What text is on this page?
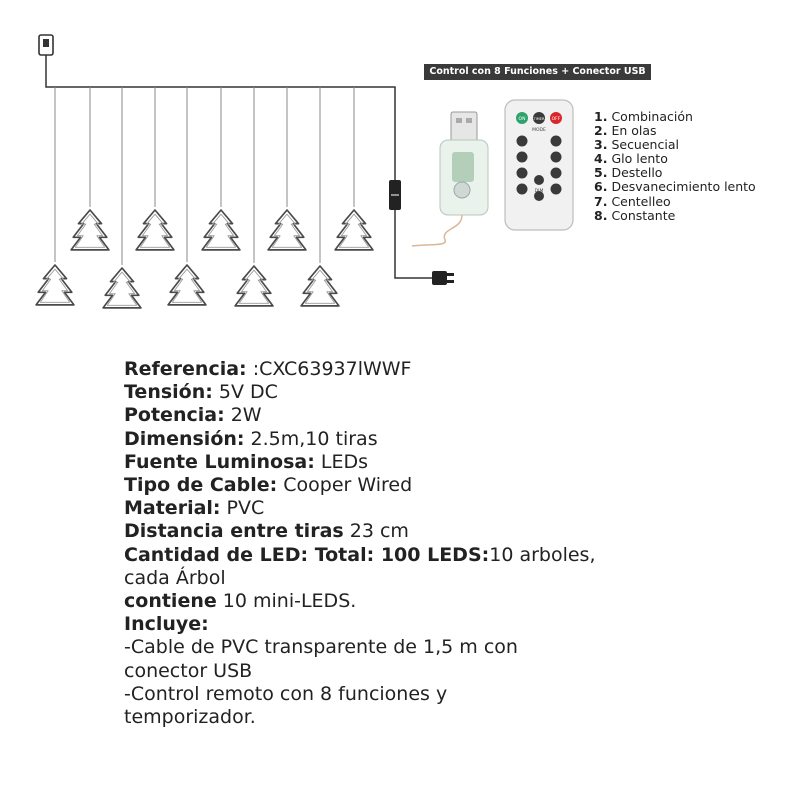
ON TIMER OFF
MODE
DIM
Control con 8 Funciones + Conector USB
1. Combinación
2. En olas
3. Secuencial
4. Glo lento
5. Destello
6. Desvanecimiento lento
7. Centelleo
8. Constante
Referencia: :CXC63937lWWF
Tensión: 5V DC
Potencia: 2W
Dimensión: 2.5m,10 tiras
Fuente Luminosa: LEDs
Tipo de Cable: Cooper Wired
Material: PVC
Distancia entre tiras 23 cm
Cantidad de LED: Total: 100 LEDS:10 arboles,
cada Árbol
contiene 10 mini-LEDS.
Incluye:
-Cable de PVC transparente de 1,5 m con
conector USB
-Control remoto con 8 funciones y
temporizador.
